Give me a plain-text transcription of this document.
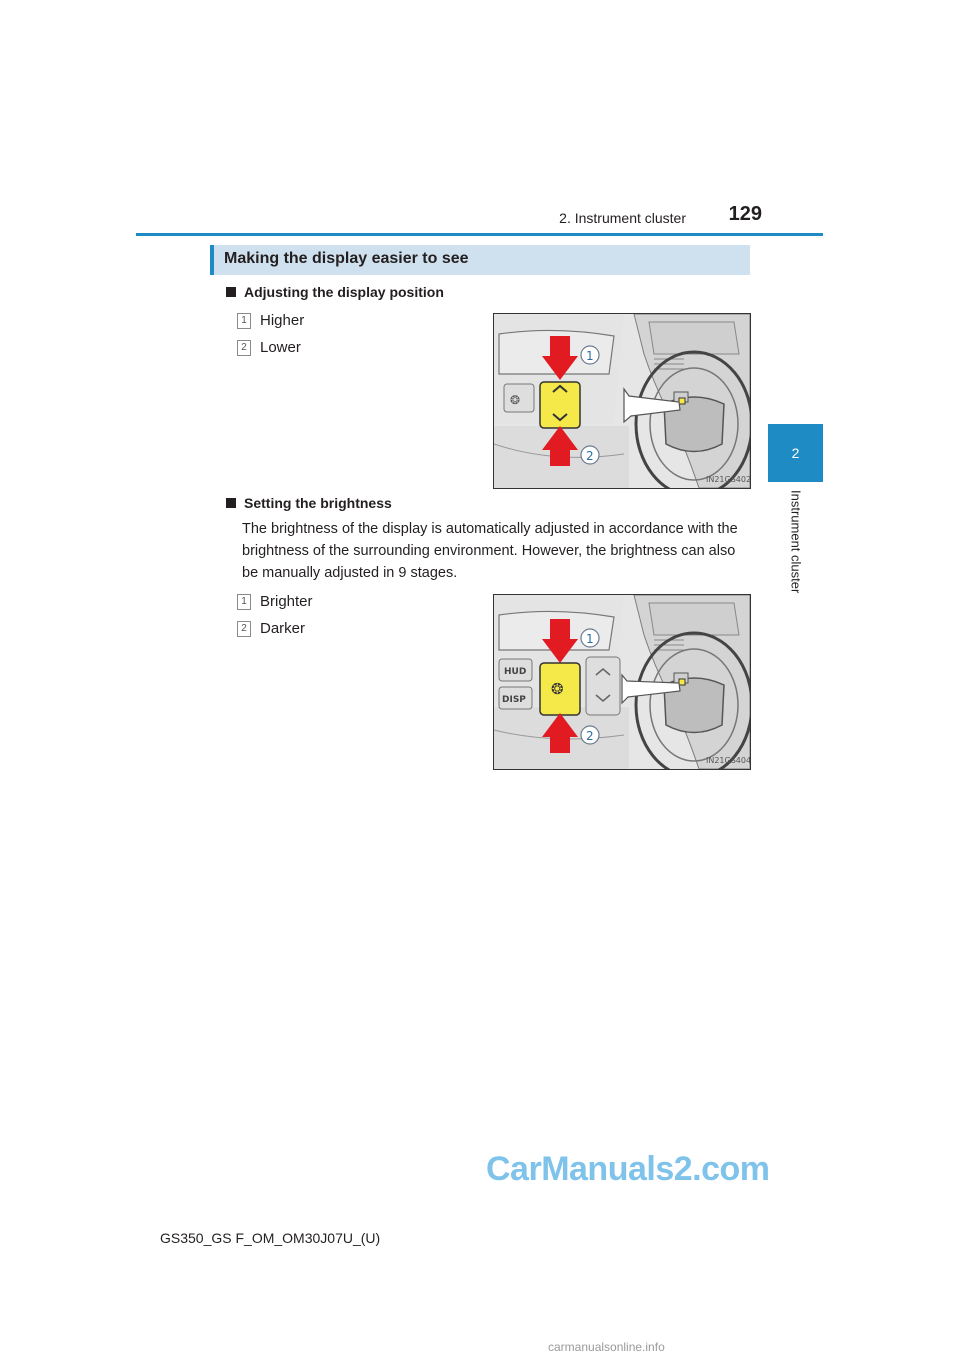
2. Instrument cluster	129
2
Instrument cluster
Making the display easier to see
Adjusting the display position
1 Higher
2 Lower
❂
1
2
IN21GS402
Setting the brightness
The brightness of the display is automatically adjusted in accordance with the brightness of the surrounding environment. However, the brightness can also be manually adjusted in 9 stages.
1 Brighter
2 Darker
HUD
DISP
❂
1
2
IN21GS404
CarManuals2.com
GS350_GS F_OM_OM30J07U_(U)
carmanualsonline.info
